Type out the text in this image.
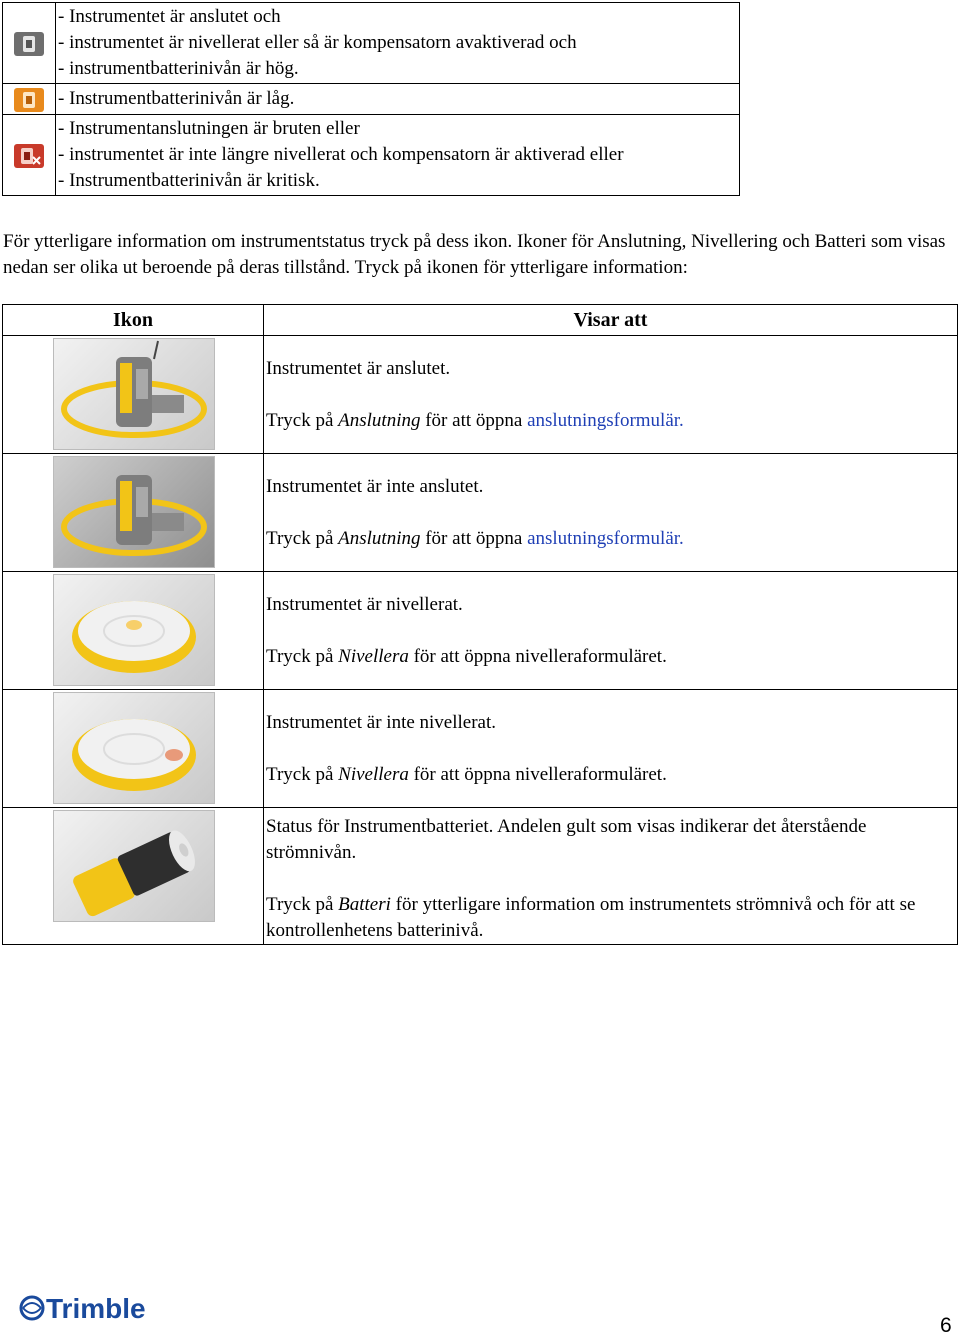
- Instrumentet är anslutet och
- instrumentet är nivellerat eller så är kompensatorn avaktiverad och
- instrumentbatterinivån är hög.

- Instrumentbatterinivån är låg.

- Instrumentanslutningen är bruten eller
- instrumentet är inte längre nivellerat och kompensatorn är aktiverad eller
- Instrumentbatterinivån är kritisk.
För ytterligare information om instrumentstatus tryck på dess ikon. Ikoner för Anslutning, Nivellering och Batteri som visas nedan ser olika ut beroende på deras tillstånd. Tryck på ikonen för ytterligare information:
Ikon	Visar att

Instrumentet är anslutet.
Tryck på Anslutning för att öppna anslutningsformulär.

Instrumentet är inte anslutet.
Tryck på Anslutning för att öppna anslutningsformulär.

Instrumentet är nivellerat.
Tryck på Nivellera för att öppna nivelleraformuläret.

Instrumentet är inte nivellerat.
Tryck på Nivellera för att öppna nivelleraformuläret.

Status för Instrumentbatteriet. Andelen gult som visas indikerar det återstående strömnivån.
Tryck på Batteri för ytterligare information om instrumentets strömnivå och för att se kontrollenhetens batterinivå.
Trimble
6
